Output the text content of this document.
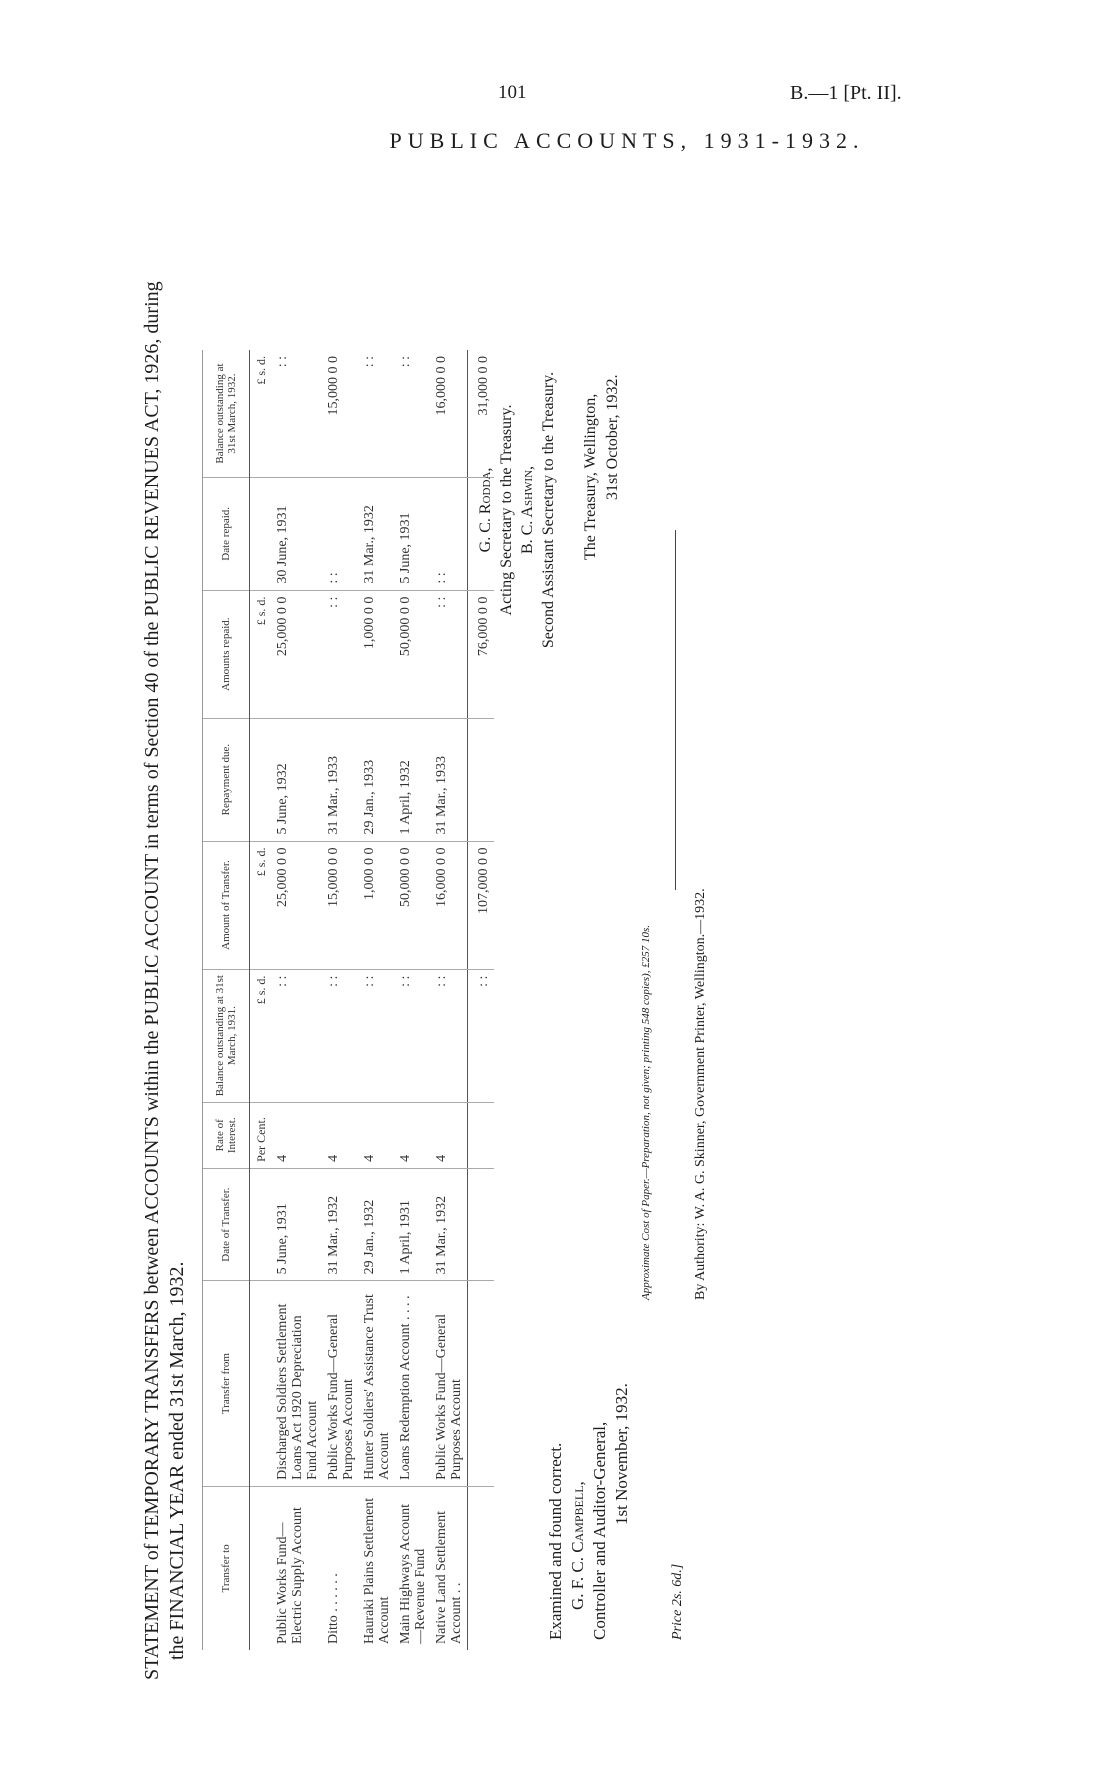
101	B.—1 [Pt. II].
PUBLIC ACCOUNTS, 1931-1932.
STATEMENT of TEMPORARY TRANSFERS between ACCOUNTS within the PUBLIC ACCOUNT in terms of Section 40 of the PUBLIC REVENUES ACT, 1926, during the FINANCIAL YEAR ended 31st March, 1932.	Transfer to	Transfer from	Date of Transfer.	Rate of Interest.	Balance outstanding at 31st March, 1931.	Amount of Transfer.	Repayment due.	Amounts repaid.	Date repaid.	Balance outstanding at 31st March, 1932.
			Per Cent.	£ s. d.	£ s. d.		£ s. d.		£ s. d.
Public Works Fund—Electric Supply Account	Discharged Soldiers Settlement Loans Act 1920 Depreciation Fund Account	5 June, 1931	4	: :	25,000 0 0	5 June, 1932	25,000 0 0	30 June, 1931	: :
Ditto . . . . . .	Public Works Fund—General Purposes Account	31 Mar., 1932	4	: :	15,000 0 0	31 Mar., 1933	: :	: :	15,000 0 0
Hauraki Plains Settlement Account	Hunter Soldiers' Assistance Trust Account	29 Jan., 1932	4	: :	1,000 0 0	29 Jan., 1933	1,000 0 0	31 Mar., 1932	: :
Main Highways Account—Revenue Fund	Loans Redemption Account . . . .	1 April, 1931	4	: :	50,000 0 0	1 April, 1932	50,000 0 0	5 June, 1931	: :
Native Land Settlement Account . .	Public Works Fund—General Purposes Account	31 Mar., 1932	4	: :	16,000 0 0	31 Mar., 1933	: :	: :	16,000 0 0
				: :	107,000 0 0		76,000 0 0		31,000 0 0
Examined and found correct. G. F. C. Campbell, Controller and Auditor-General, 1st November, 1932.
Price 2s. 6d.]
Approximate Cost of Paper.—Preparation, not given; printing 548 copies), £257 10s.	By Authority: W. A. G. Skinner, Government Printer, Wellington.—1932.
G. C. Rodda, Acting Secretary to the Treasury. B. C. Ashwin, Second Assistant Secretary to the Treasury. The Treasury, Wellington, 31st October, 1932.
